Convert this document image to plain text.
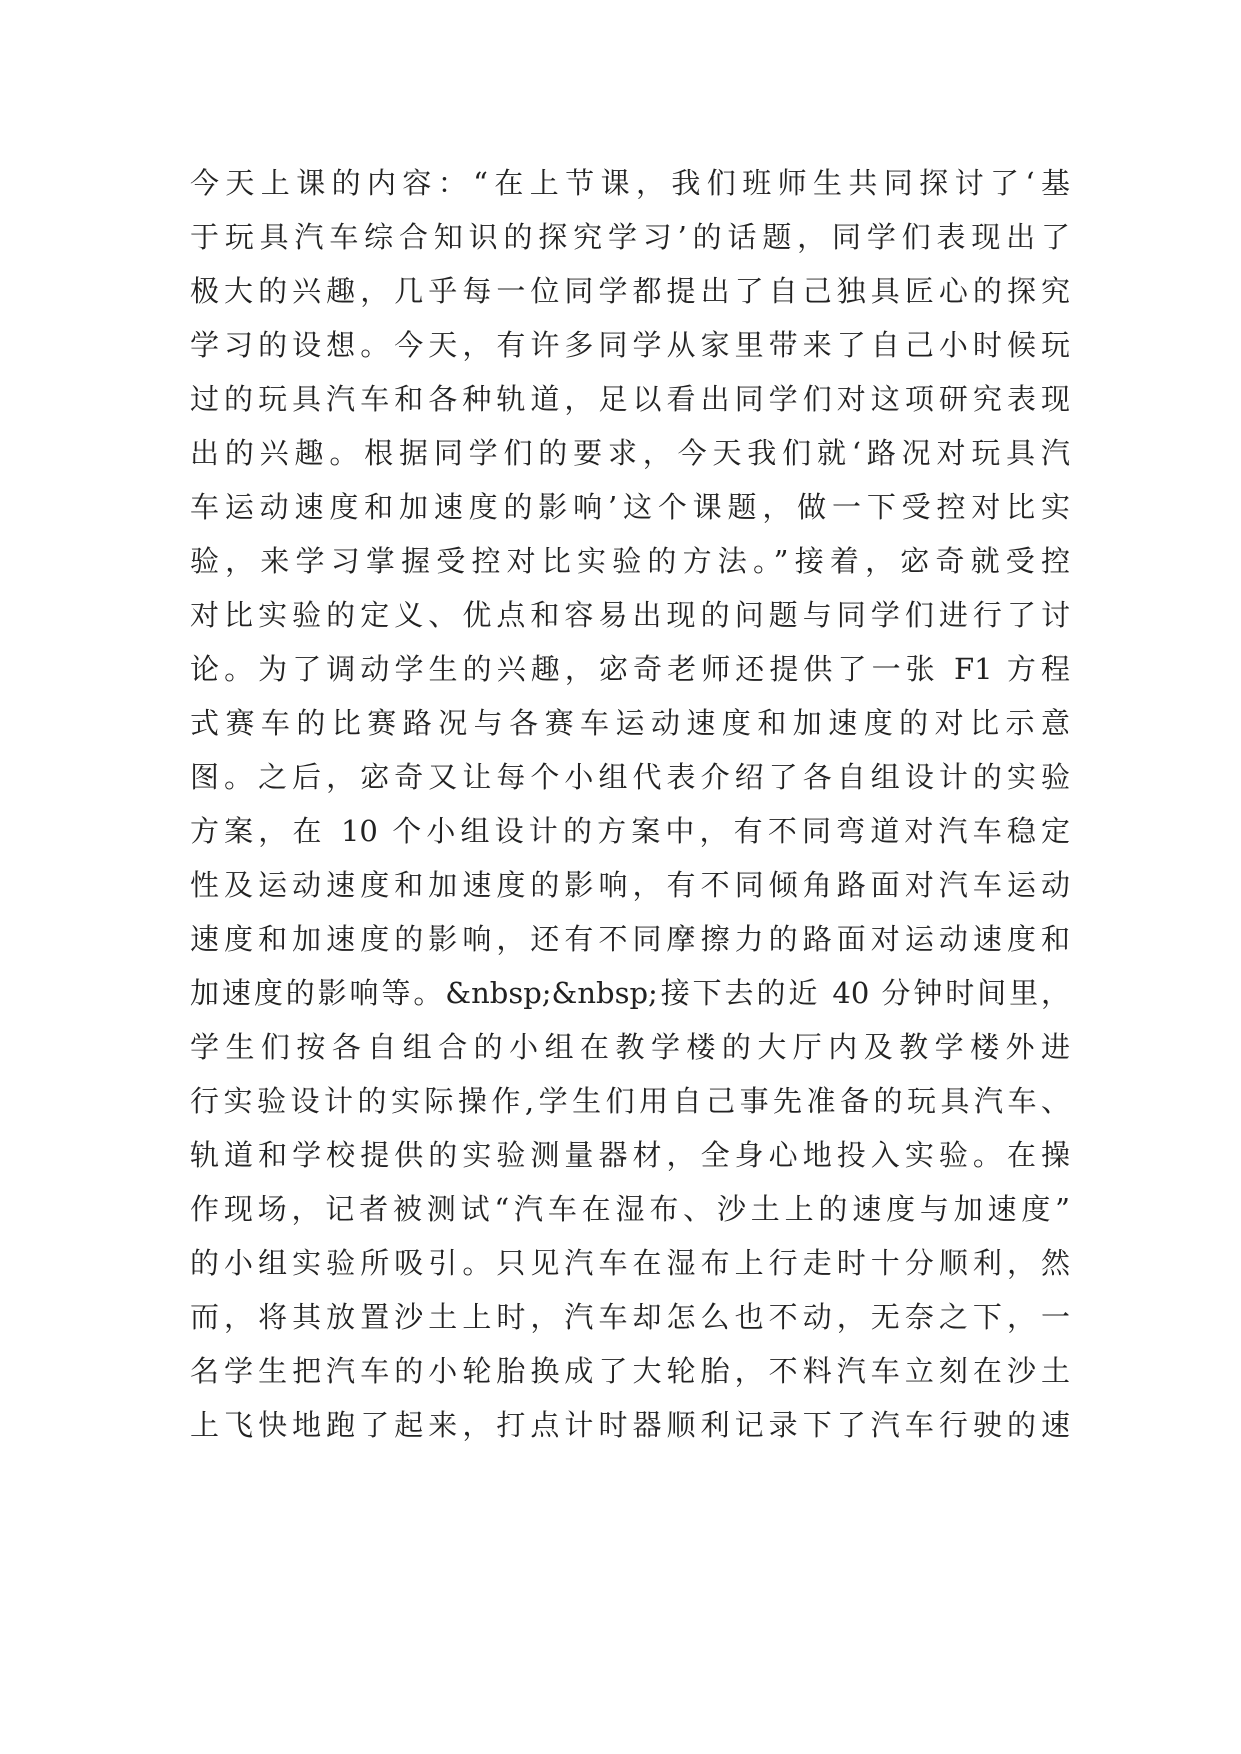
今天上课的内容：“在上节课，我们班师生共同探讨了‘基
于玩具汽车综合知识的探究学习’的话题，同学们表现出了
极大的兴趣，几乎每一位同学都提出了自己独具匠心的探究
学习的设想。今天，有许多同学从家里带来了自己小时候玩
过的玩具汽车和各种轨道，足以看出同学们对这项研究表现
出的兴趣。根据同学们的要求，今天我们就‘路况对玩具汽
车运动速度和加速度的影响’这个课题，做一下受控对比实
验，来学习掌握受控对比实验的方法。”接着，宓奇就受控
对比实验的定义、优点和容易出现的问题与同学们进行了讨
论。为了调动学生的兴趣，宓奇老师还提供了一张 F1 方程
式赛车的比赛路况与各赛车运动速度和加速度的对比示意
图。之后，宓奇又让每个小组代表介绍了各自组设计的实验
方案，在 10 个小组设计的方案中，有不同弯道对汽车稳定
性及运动速度和加速度的影响，有不同倾角路面对汽车运动
速度和加速度的影响，还有不同摩擦力的路面对运动速度和
加速度的影响等。&nbsp;&nbsp;接下去的近 40 分钟时间里，
学生们按各自组合的小组在教学楼的大厅内及教学楼外进
行实验设计的实际操作,学生们用自己事先准备的玩具汽车、
轨道和学校提供的实验测量器材，全身心地投入实验。在操
作现场，记者被测试“汽车在湿布、沙土上的速度与加速度”
的小组实验所吸引。只见汽车在湿布上行走时十分顺利，然
而，将其放置沙土上时，汽车却怎么也不动，无奈之下，一
名学生把汽车的小轮胎换成了大轮胎，不料汽车立刻在沙土
上飞快地跑了起来，打点计时器顺利记录下了汽车行驶的速
